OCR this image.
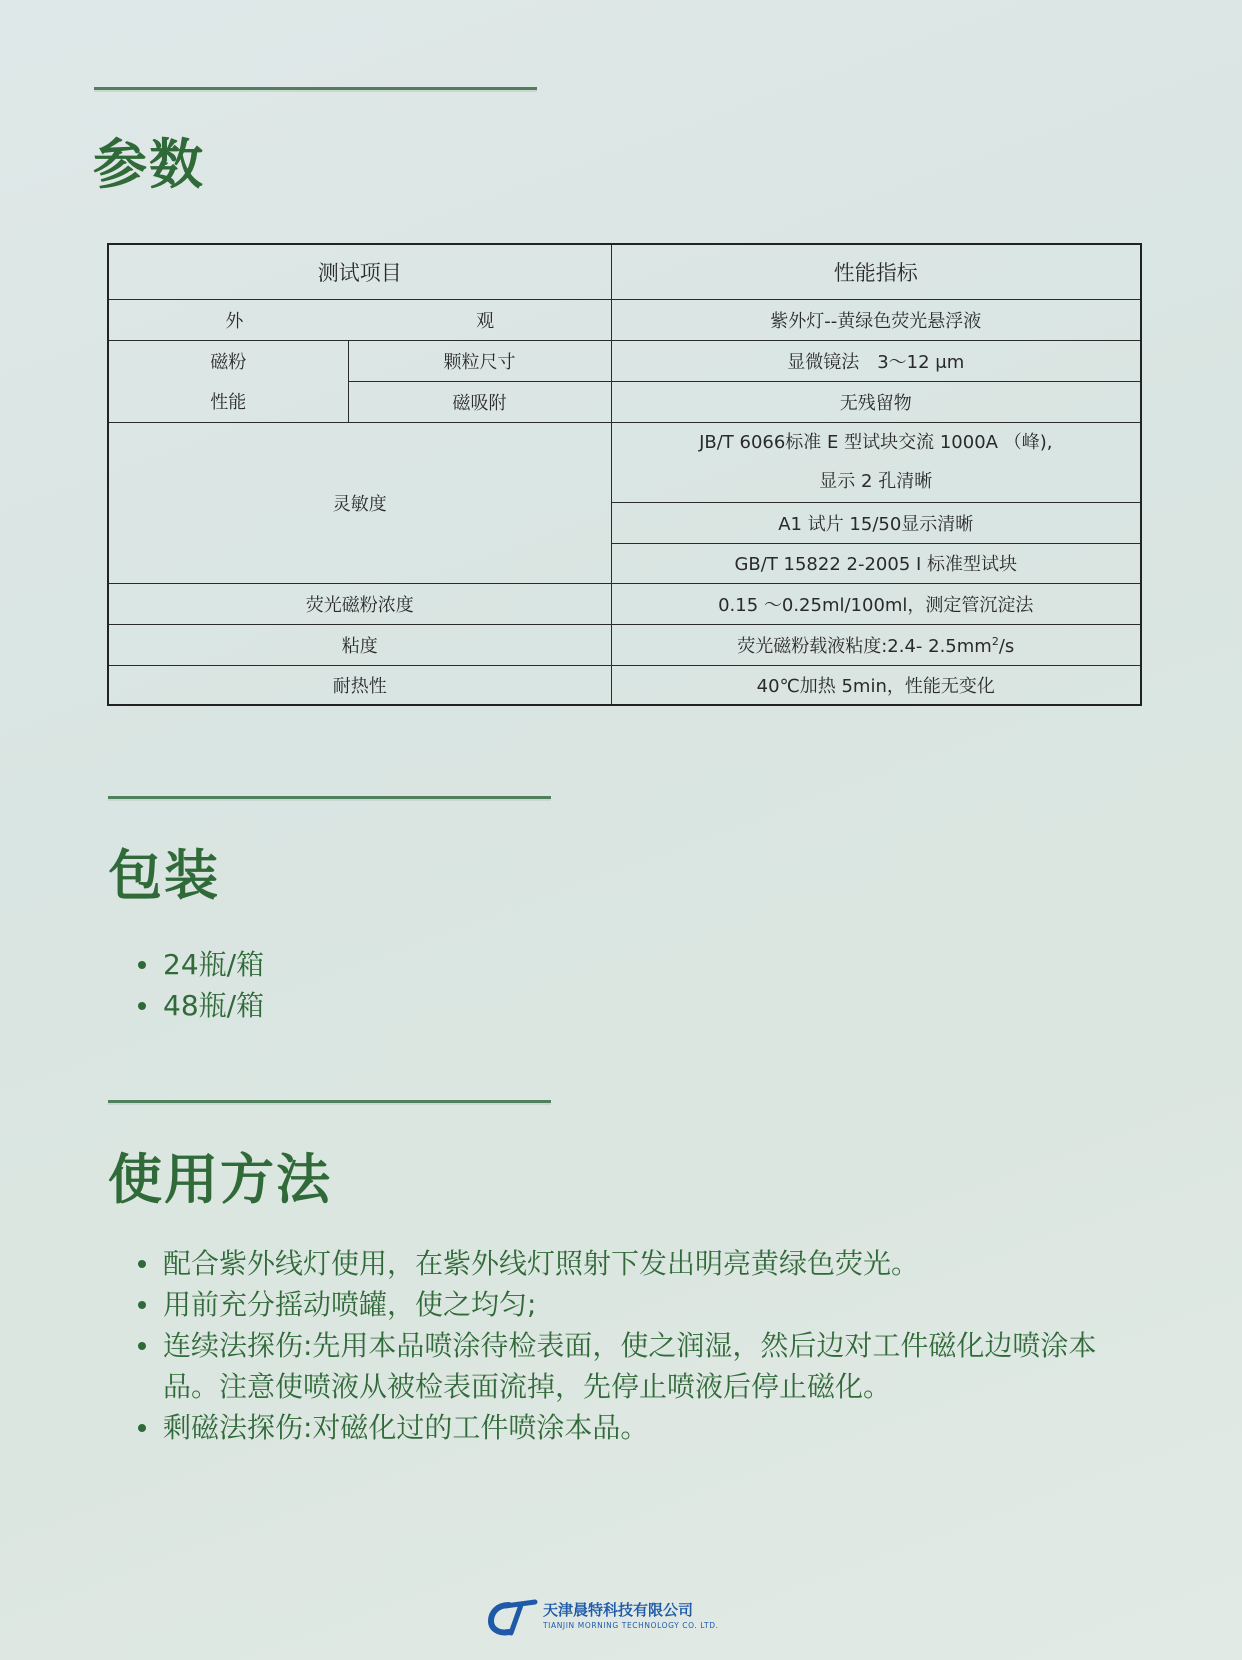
参数
测试项目		性能指标

外 观		紫外灯--黄绿色荧光悬浮液

磁粉
性能	颗粒尺寸	显微镜法　3～12 μm
	磁吸附	无残留物
灵敏度		JB/T 6066标准 E 型试块交流 1000A （峰),
显示 2 孔清晰

		A1 试片 15/50显示清晰
		GB/T 15822 2-2005 I 标准型试块
荧光磁粉浓度		0.15 ～0.25ml/100ml，测定管沉淀法
粘度		荧光磁粉载液粘度:2.4- $2.5mm^2/s$
耐热性		40℃加热 5min，性能无变化
包装
24瓶/箱
48瓶/箱
使用方法
配合紫外线灯使用，在紫外线灯照射下发出明亮黄绿色荧光。
用前充分摇动喷罐，使之均匀;
连续法探伤:先用本品喷涂待检表面，使之润湿，然后边对工件磁化边喷涂本品。注意使喷液从被检表面流掉，先停止喷液后停止磁化。
剩磁法探伤:对磁化过的工件喷涂本品。
天津晨特科技有限公司
TIANJIN MORNING TECHNOLOGY CO. LTD.
